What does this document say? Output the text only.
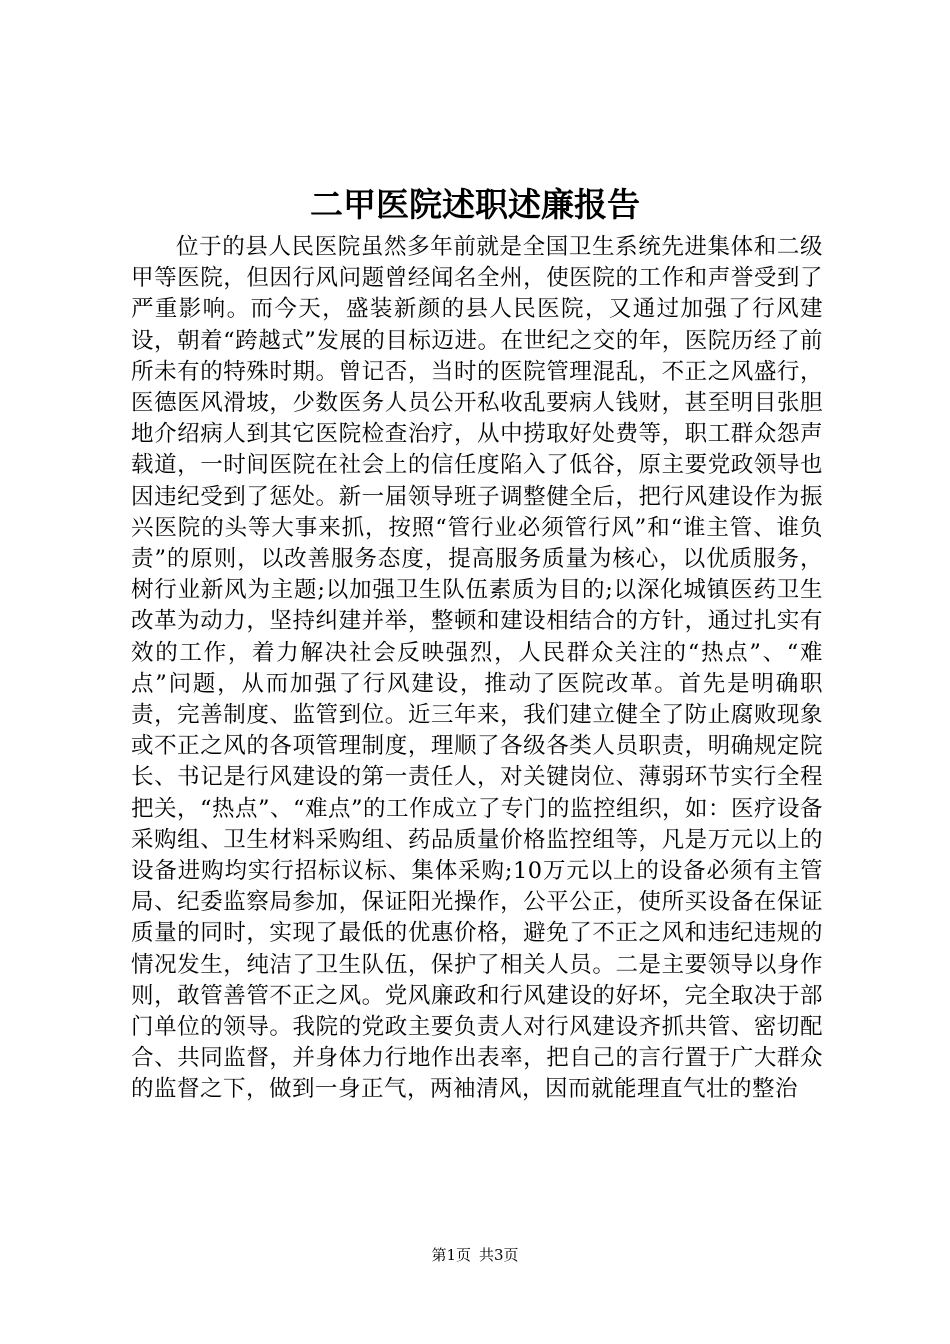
二甲医院述职述廉报告

位于的县人民医院虽然多年前就是全国卫生系统先进集体和二级甲等医院，但因行风问题曾经闻名全州，使医院的工作和声誉受到了严重影响。而今天，盛装新颜的县人民医院，又通过加强了行风建设，朝着“跨越式”发展的目标迈进。在世纪之交的年，医院历经了前所未有的特殊时期。曾记否，当时的医院管理混乱，不正之风盛行，医德医风滑坡，少数医务人员公开私收乱要病人钱财，甚至明目张胆地介绍病人到其它医院检查治疗，从中捞取好处费等，职工群众怨声载道，一时间医院在社会上的信任度陷入了低谷，原主要党政领导也因违纪受到了惩处。新一届领导班子调整健全后，把行风建设作为振兴医院的头等大事来抓，按照“管行业必须管行风”和“谁主管、谁负责”的原则，以改善服务态度，提高服务质量为核心，以优质服务，树行业新风为主题;以加强卫生队伍素质为目的;以深化城镇医药卫生改革为动力，坚持纠建并举，整顿和建设相结合的方针，通过扎实有效的工作，着力解决社会反映强烈，人民群众关注的“热点”、“难点”问题，从而加强了行风建设，推动了医院改革。首先是明确职责，完善制度、监管到位。近三年来，我们建立健全了防止腐败现象或不正之风的各项管理制度，理顺了各级各类人员职责，明确规定院长、书记是行风建设的第一责任人，对关键岗位、薄弱环节实行全程把关，“热点”、“难点”的工作成立了专门的监控组织，如：医疗设备采购组、卫生材料采购组、药品质量价格监控组等，凡是万元以上的设备进购均实行招标议标、集体采购;10万元以上的设备必须有主管局、纪委监察局参加，保证阳光操作，公平公正，使所买设备在保证质量的同时，实现了最低的优惠价格，避免了不正之风和违纪违规的情况发生，纯洁了卫生队伍，保护了相关人员。二是主要领导以身作则，敢管善管不正之风。党风廉政和行风建设的好坏，完全取决于部门单位的领导。我院的党政主要负责人对行风建设齐抓共管、密切配合、共同监督，并身体力行地作出表率，把自己的言行置于广大群众的监督之下，做到一身正气，两袖清风，因而就能理直气壮的整治

第1页 共3页
